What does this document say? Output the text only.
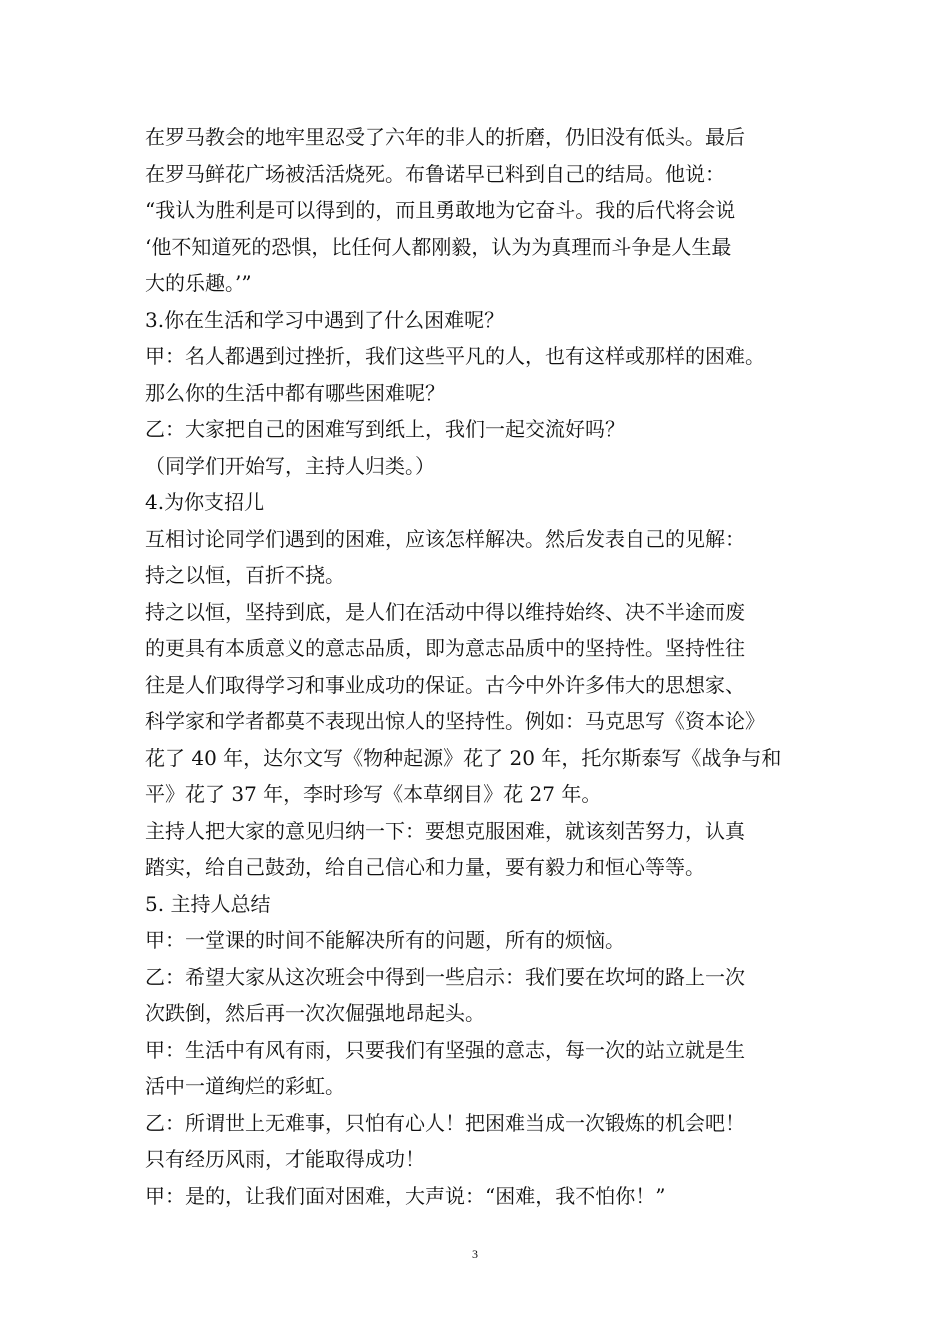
在罗马教会的地牢里忍受了六年的非人的折磨，仍旧没有低头。最后
在罗马鲜花广场被活活烧死。布鲁诺早已料到自己的结局。他说：
“我认为胜利是可以得到的，而且勇敢地为它奋斗。我的后代将会说
‘他不知道死的恐惧，比任何人都刚毅，认为为真理而斗争是人生最
大的乐趣。’”
3.你在生活和学习中遇到了什么困难呢？
甲：名人都遇到过挫折，我们这些平凡的人，也有这样或那样的困难。
那么你的生活中都有哪些困难呢？
乙：大家把自己的困难写到纸上，我们一起交流好吗？
（同学们开始写，主持人归类。）
4.为你支招儿
互相讨论同学们遇到的困难，应该怎样解决。然后发表自己的见解：
持之以恒，百折不挠。
持之以恒，坚持到底，是人们在活动中得以维持始终、决不半途而废
的更具有本质意义的意志品质，即为意志品质中的坚持性。坚持性往
往是人们取得学习和事业成功的保证。古今中外许多伟大的思想家、
科学家和学者都莫不表现出惊人的坚持性。例如：马克思写《资本论》
花了 40 年，达尔文写《物种起源》花了 20 年，托尔斯泰写《战争与和
平》花了 37 年，李时珍写《本草纲目》花 27 年。
主持人把大家的意见归纳一下：要想克服困难，就该刻苦努力，认真
踏实，给自己鼓劲，给自己信心和力量，要有毅力和恒心等等。
5. 主持人总结
甲：一堂课的时间不能解决所有的问题，所有的烦恼。
乙：希望大家从这次班会中得到一些启示：我们要在坎坷的路上一次
次跌倒，然后再一次次倔强地昂起头。
甲：生活中有风有雨，只要我们有坚强的意志，每一次的站立就是生
活中一道绚烂的彩虹。
乙：所谓世上无难事，只怕有心人！把困难当成一次锻炼的机会吧！
只有经历风雨，才能取得成功！
甲：是的，让我们面对困难，大声说：“困难，我不怕你！”
3
